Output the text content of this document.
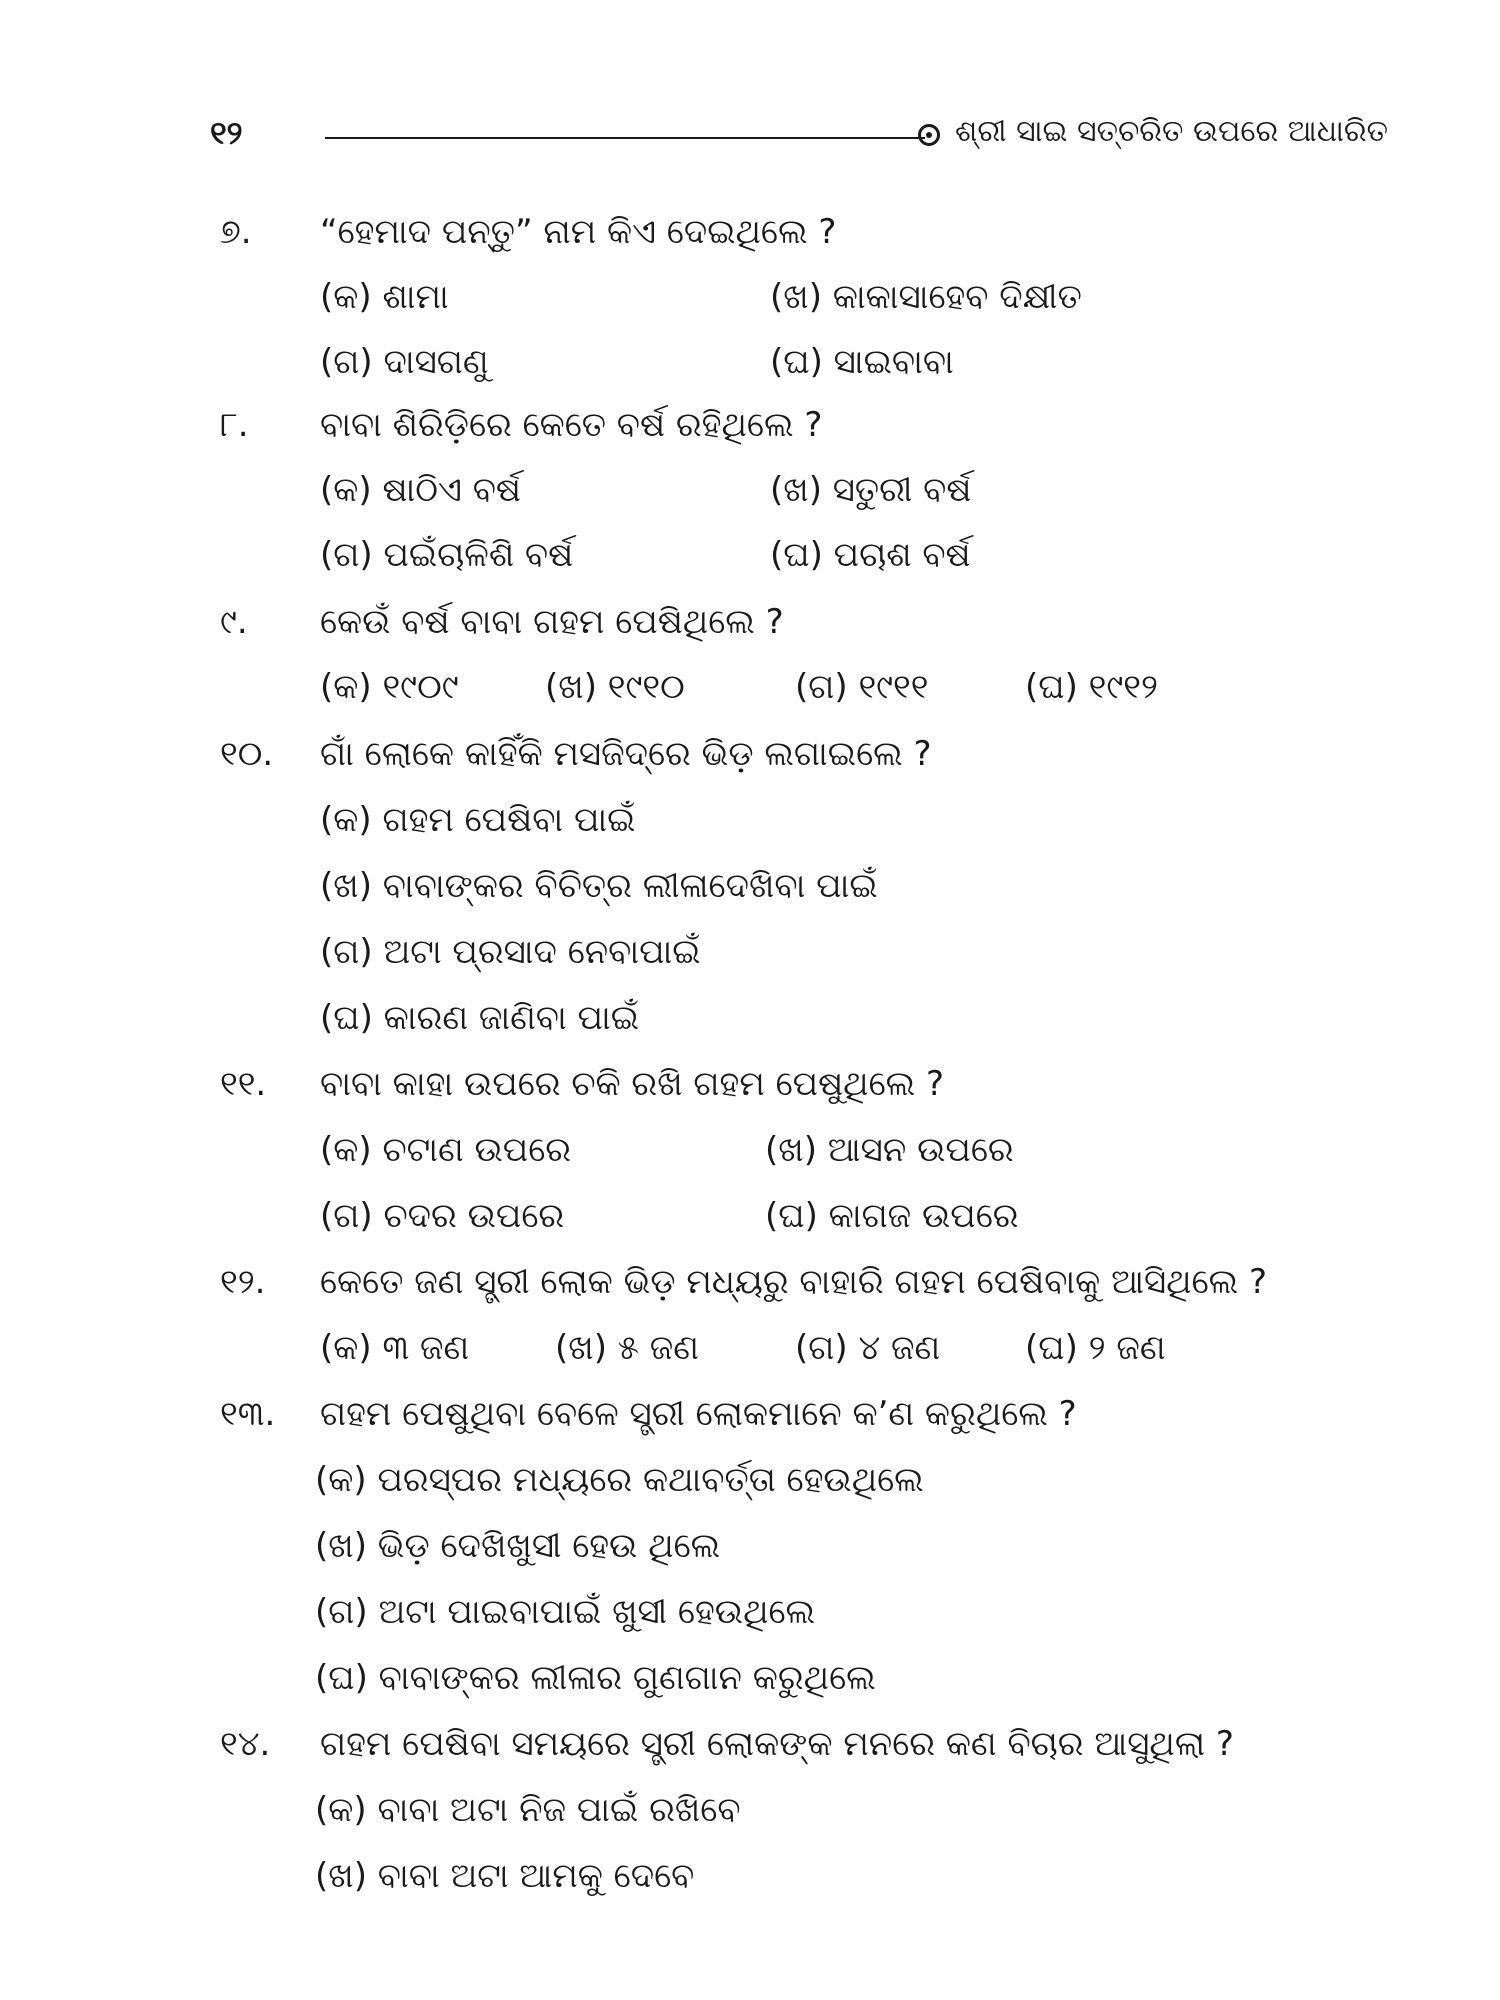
୧୨	ଶ୍ରୀ ସାଇ ସତ୍‌ଚରିତ ଉପରେ ଆଧାରିତ
୭. “ହେମାଦ ପନ୍ତୁ” ନାମ କିଏ ଦେଇଥିଲେ ?
(କ) ଶାମା	(ଖ) କାକାସାହେବ ଦିକ୍ଷୀତ
(ଗ) ଦାସଗଣୁ	(ଘ) ସାଇବାବା
୮. ବାବା ଶିରିଡ଼ିରେ କେତେ ବର୍ଷ ରହିଥିଲେ ?
(କ) ଷାଠିଏ ବର୍ଷ	(ଖ) ସତୁରୀ ବର୍ଷ
(ଗ) ପଇଁଚାଳିଶି ବର୍ଷ	(ଘ) ପଚାଶ ବର୍ଷ
୯. କେଉଁ ବର୍ଷ ବାବା ଗହମ ପେଷିଥିଲେ ?
(କ) ୧୯୦୯	(ଖ) ୧୯୧୦	(ଗ) ୧୯୧୧	(ଘ) ୧୯୧୨
୧୦. ଗାଁ ଲୋକେ କାହିଁକି ମସଜିଦ୍‌ରେ ଭିଡ଼ ଲଗାଇଲେ ?
(କ) ଗହମ ପେଷିବା ପାଇଁ
(ଖ) ବାବାଙ୍କର ବିଚିତ୍ର ଲୀଳାଦେଖିବା ପାଇଁ
(ଗ) ଅଟା ପ୍ରସାଦ ନେବାପାଇଁ
(ଘ) କାରଣ ଜାଣିବା ପାଇଁ
୧୧. ବାବା କାହା ଉପରେ ଚକି ରଖି ଗହମ ପେଷୁଥିଲେ ?
(କ) ଚଟାଣ ଉପରେ	(ଖ) ଆସନ ଉପରେ
(ଗ) ଚଦର ଉପରେ	(ଘ) କାଗଜ ଉପରେ
୧୨. କେତେ ଜଣ ସ୍ତ୍ରୀ ଲୋକ ଭିଡ଼ ମଧ୍ୟରୁ ବାହାରି ଗହମ ପେଷିବାକୁ ଆସିଥିଲେ ?
(କ) ୩ ଜଣ	(ଖ) ୫ ଜଣ	(ଗ) ୪ ଜଣ (ଘ) ୨ ଜଣ
୧୩. ଗହମ ପେଷୁଥିବା ବେଳେ ସ୍ତ୍ରୀ ଲୋକମାନେ କ’ଣ କରୁଥିଲେ ?
(କ) ପରସ୍ପର ମଧ୍ୟରେ କଥାବର୍ତ୍ତା ହେଉଥିଲେ
(ଖ) ଭିଡ଼ ଦେଖିଖୁସୀ ହେଉ ଥିଲେ
(ଗ) ଅଟା ପାଇବାପାଇଁ ଖୁସୀ ହେଉଥିଲେ
(ଘ) ବାବାଙ୍କର ଲୀଳାର ଗୁଣଗାନ କରୁଥିଲେ
୧୪. ଗହମ ପେଷିବା ସମୟରେ ସ୍ତ୍ରୀ ଲୋକଙ୍କ ମନରେ କଣ ବିଚାର ଆସୁଥିଲା ?
(କ) ବାବା ଅଟା ନିଜ ପାଇଁ ରଖିବେ
(ଖ) ବାବା ଅଟା ଆମକୁ ଦେବେ
